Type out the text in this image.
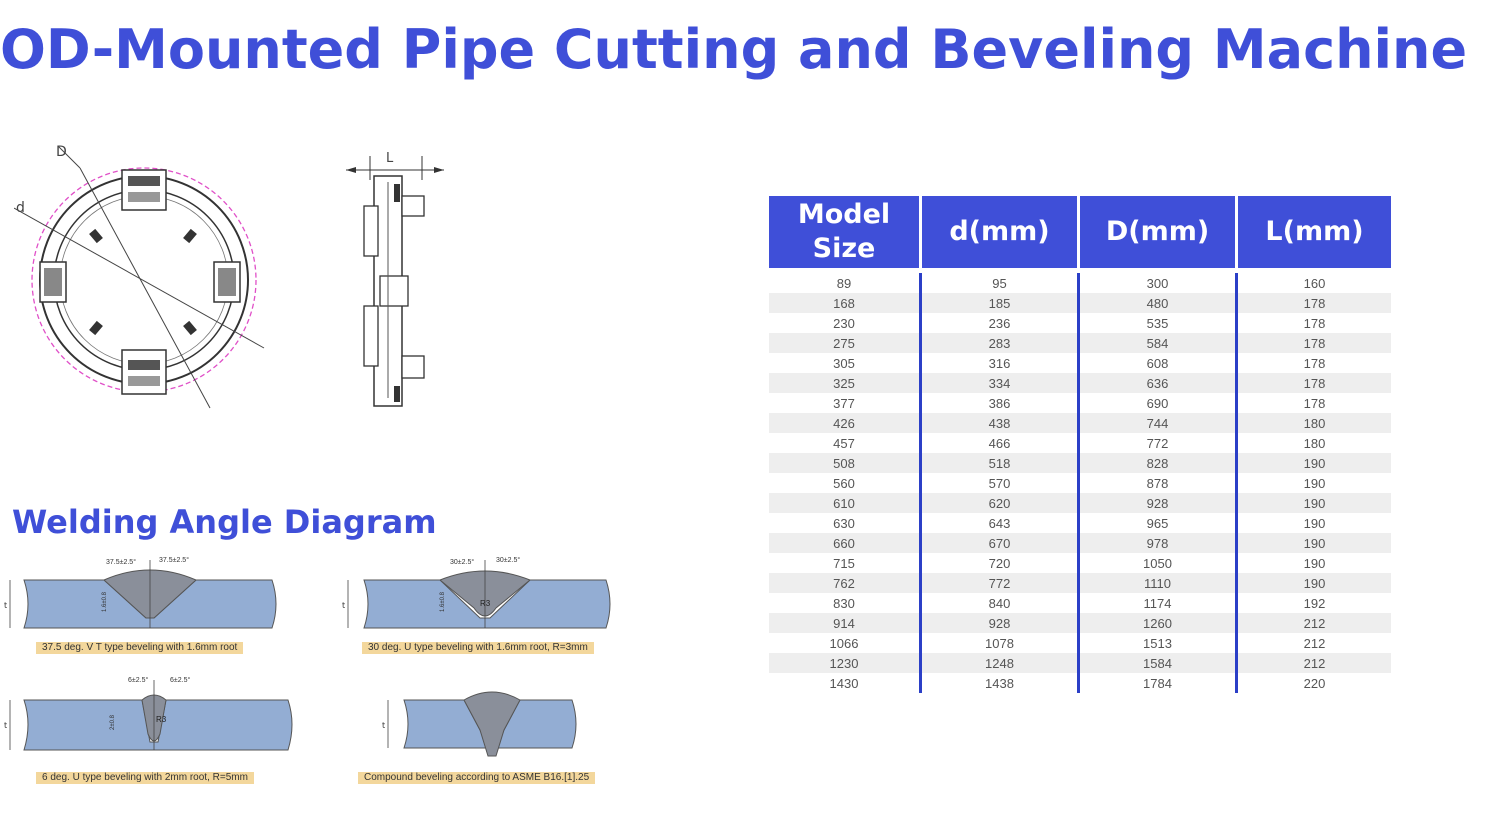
OD-Mounted Pipe Cutting and Beveling Machine
D
d
L
Welding Angle Diagram
t
37.5±2.5°	37.5±2.5°
1.6±0.8
37.5 deg. V T type beveling with 1.6mm root
t
30±2.5°	30±2.5°
R3
1.6±0.8
30 deg. U type beveling with 1.6mm root, R=3mm
t
6±2.5°	6±2.5°
R3
2±0.8
6 deg. U type beveling with 2mm root, R=5mm
t
Compound beveling according to ASME B16.[1].25
Model
Size	d(mm)	D(mm)	L(mm)

89	95	300	160
168	185	480	178
230	236	535	178
275	283	584	178
305	316	608	178
325	334	636	178
377	386	690	178
426	438	744	180
457	466	772	180
508	518	828	190
560	570	878	190
610	620	928	190
630	643	965	190
660	670	978	190
715	720	1050	190
762	772	1110	190
830	840	1174	192
914	928	1260	212
1066	1078	1513	212
1230	1248	1584	212
1430	1438	1784	220
